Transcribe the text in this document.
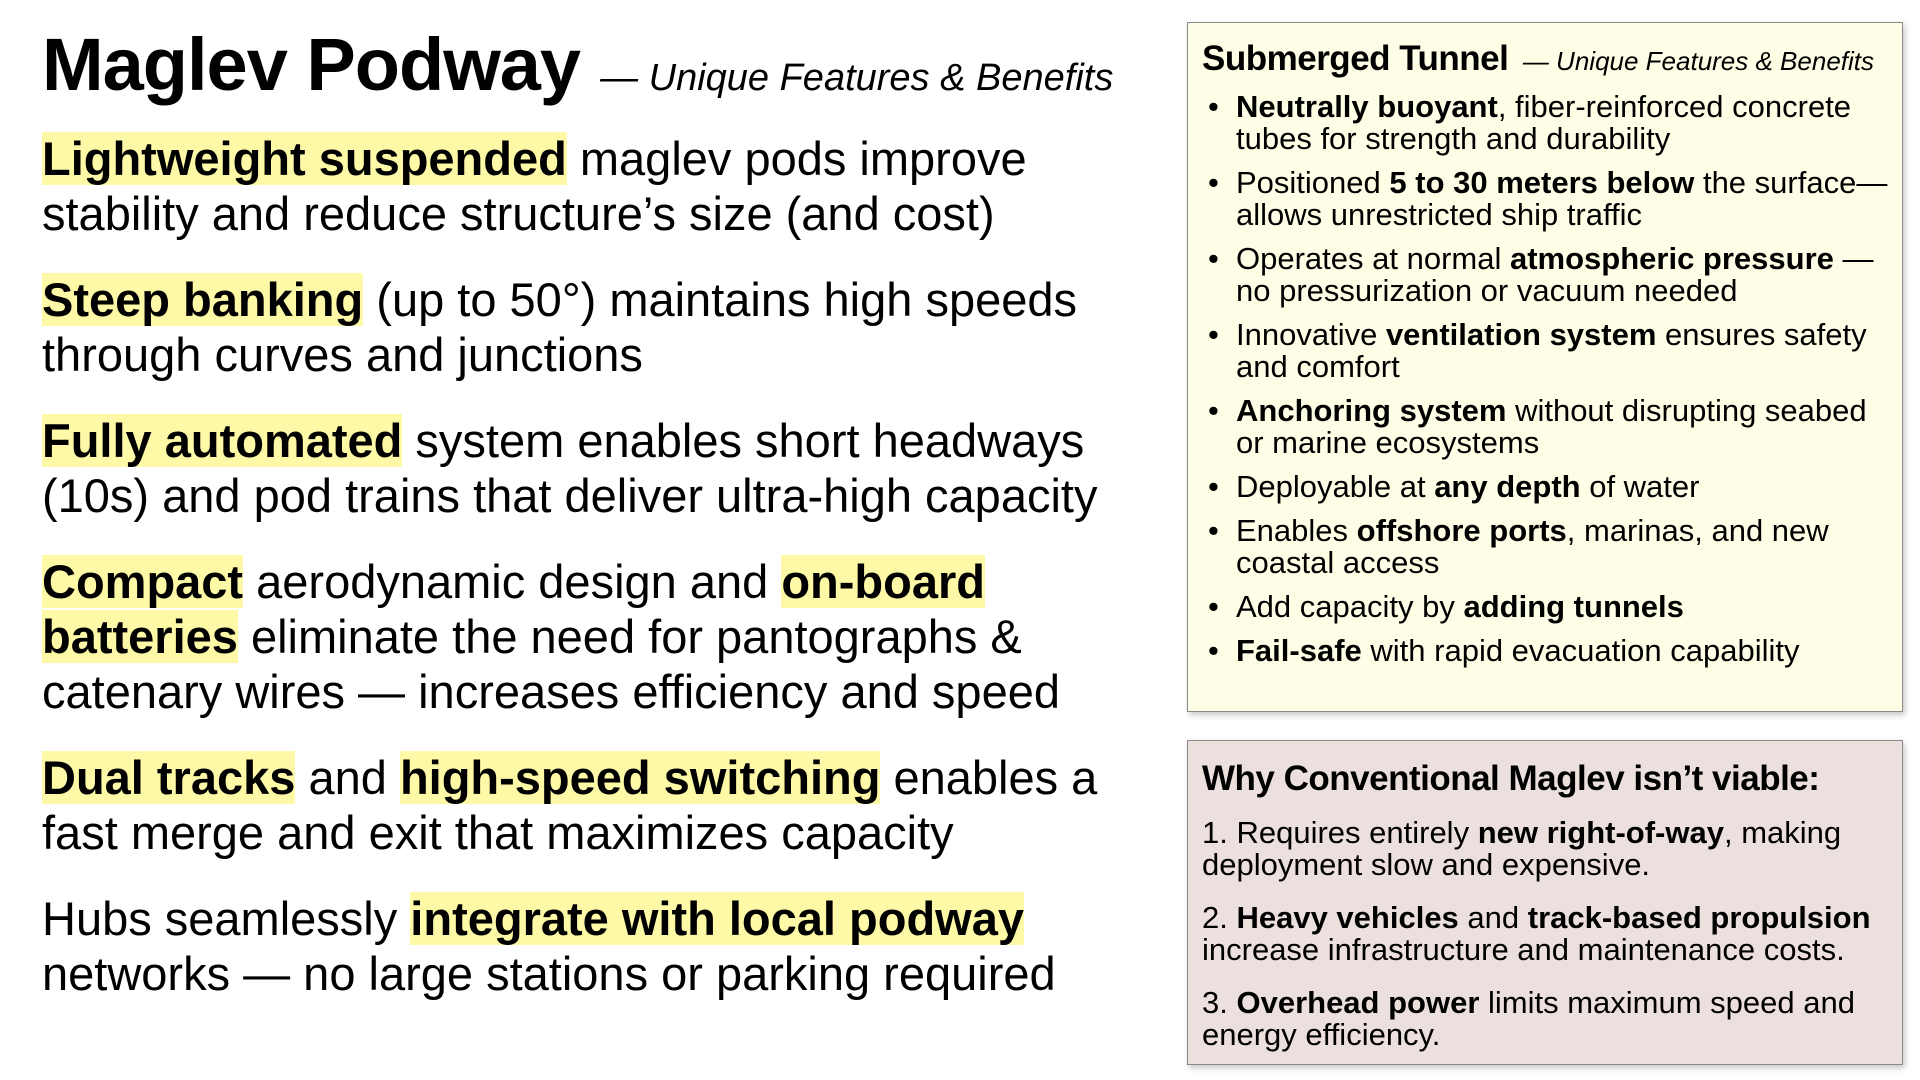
Maglev Podway — Unique Features & Benefits

Lightweight suspended maglev pods improve stability and reduce structure’s size (and cost)

Steep banking (up to 50°) maintains high speeds through curves and junctions

Fully automated system enables short headways (10s) and pod trains that deliver ultra-high capacity

Compact aerodynamic design and on-board batteries eliminate the need for pantographs & catenary wires — increases efficiency and speed

Dual tracks and high-speed switching enables a fast merge and exit that maximizes capacity

Hubs seamlessly integrate with local podway networks — no large stations or parking required

Submerged Tunnel — Unique Features & Benefits
• Neutrally buoyant, fiber-reinforced concrete tubes for strength and durability
• Positioned 5 to 30 meters below the surface—allows unrestricted ship traffic
• Operates at normal atmospheric pressure —no pressurization or vacuum needed
• Innovative ventilation system ensures safety and comfort
• Anchoring system without disrupting seabed or marine ecosystems
• Deployable at any depth of water
• Enables offshore ports, marinas, and new coastal access
• Add capacity by adding tunnels
• Fail-safe with rapid evacuation capability
Why Conventional Maglev isn’t viable:
1. Requires entirely new right-of-way, making deployment slow and expensive.
2. Heavy vehicles and track-based propulsion increase infrastructure and maintenance costs.
3. Overhead power limits maximum speed and energy efficiency.
